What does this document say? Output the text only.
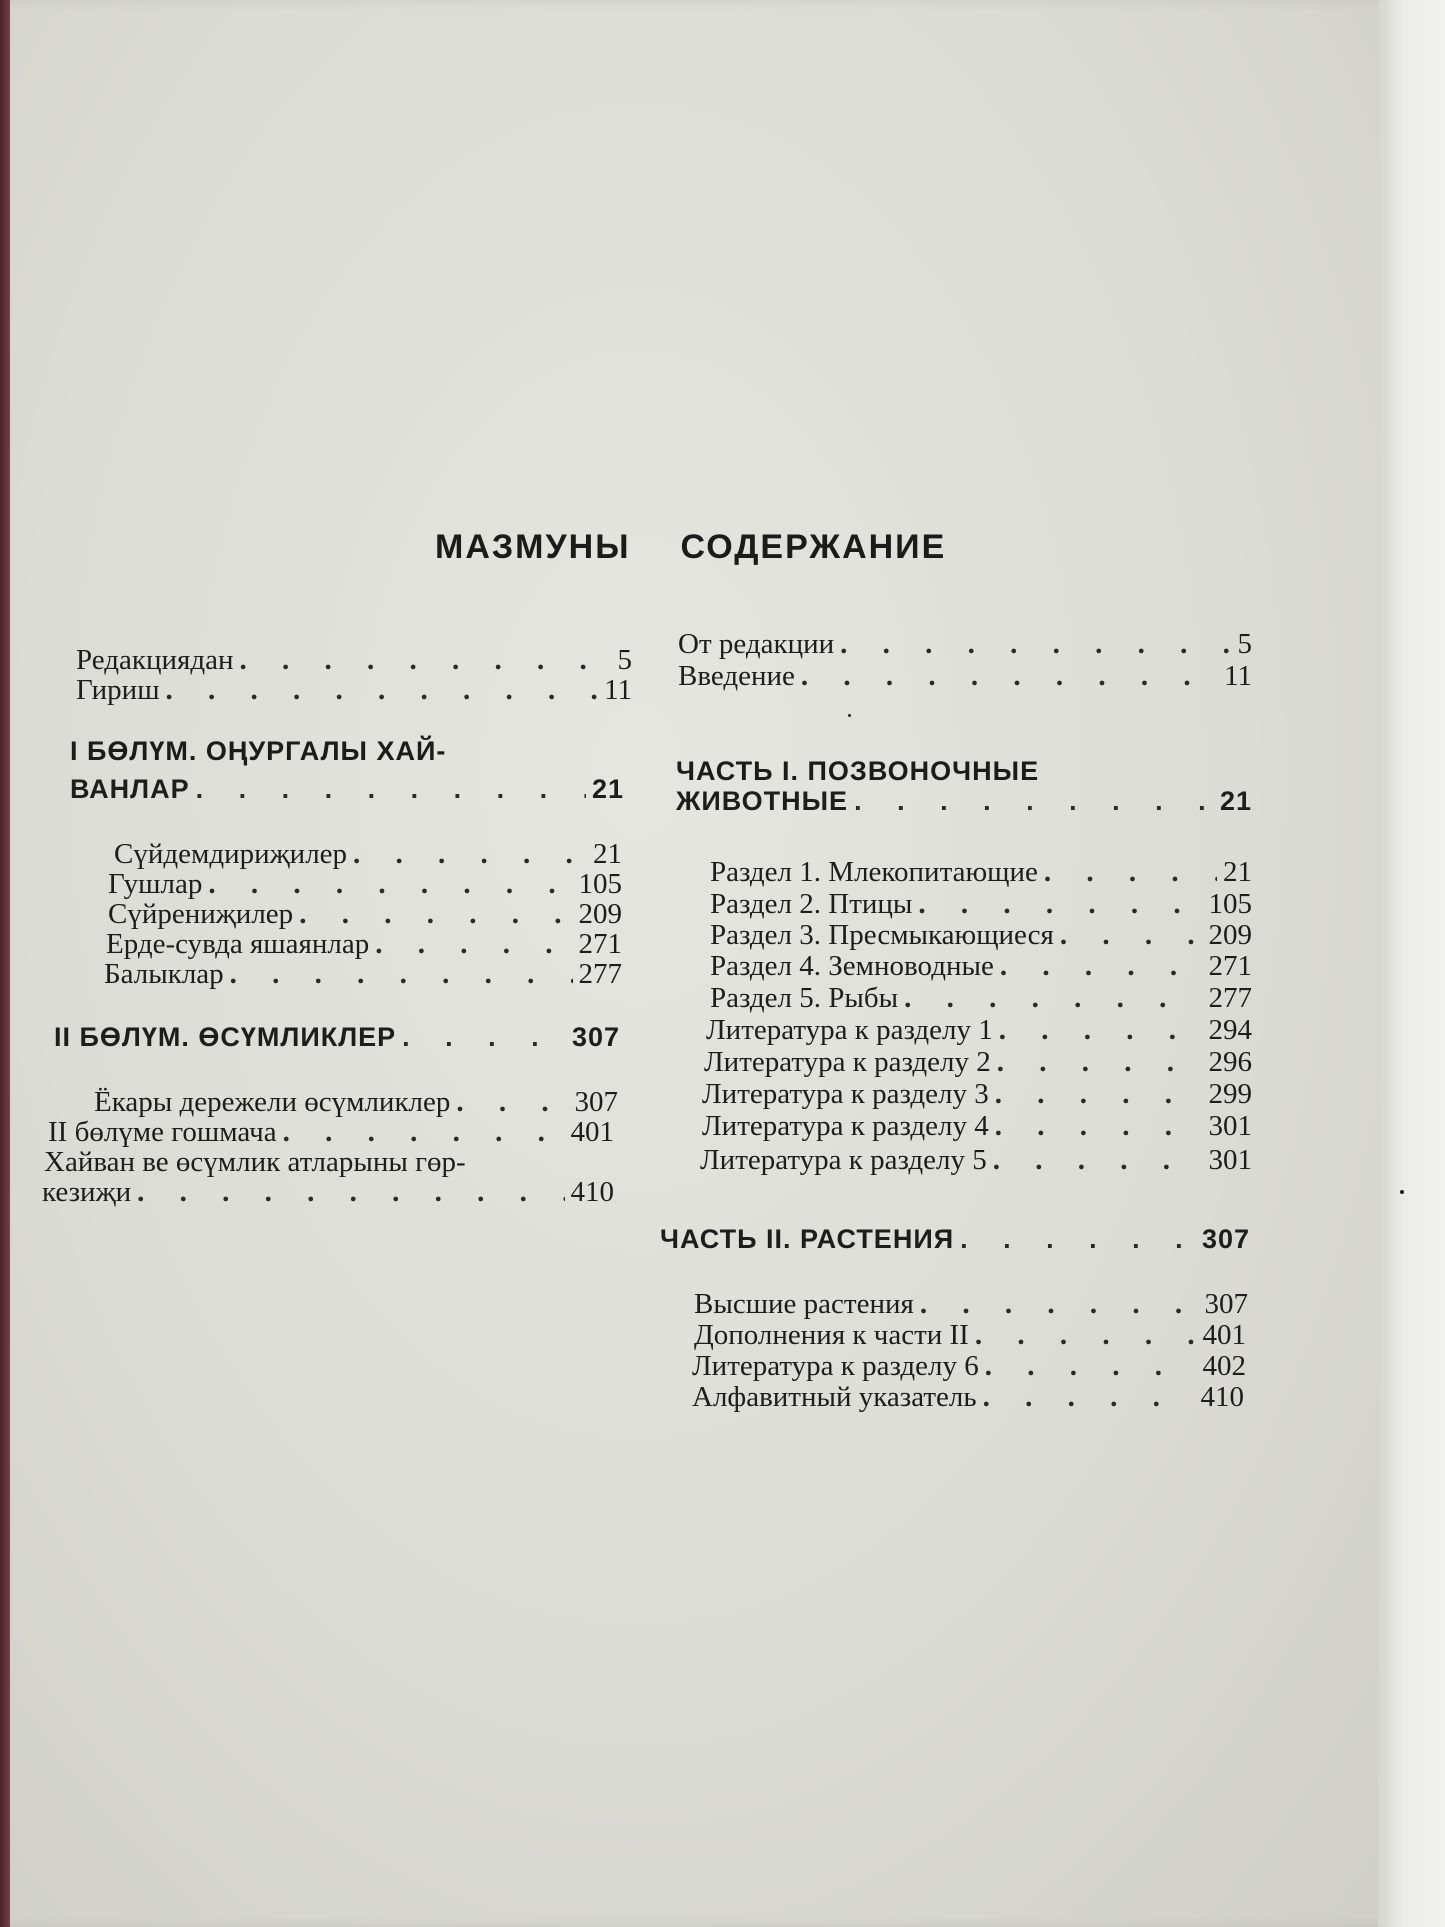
МАЗМУНЫ СОДЕРЖАНИЕ
Редакциядан . . .	5
Гириш . . .	11
I БӨЛҮМ. ОҢУРГАЛЫ ХАЙ-
ВАНЛАР . . .	21
Сүйдемдириҗилер . . .	21
Гушлар . . .	105
Сүйрениҗилер . . .	209
Ерде-сувда яшаянлар . . .	271
Балыклар . . .	277
II БӨЛҮМ. ӨСҮМЛИКЛЕР . . .	307
Ёкары дережели өсүмликлер . . .	307
II бөлүме гошмача . . .	401
Хайван ве өсүмлик атларыны гөр-
кезиҗи . . .	410
От редакции . . .	5
Введение . . .	11
ЧАСТЬ I. ПОЗВОНОЧНЫЕ
ЖИВОТНЫЕ . . .	21
Раздел 1. Млекопитающие . . .	21
Раздел 2. Птицы . . .	105
Раздел 3. Пресмыкающиеся . . .	209
Раздел 4. Земноводные . . .	271
Раздел 5. Рыбы . . .	277
Литература к разделу 1 . . .	294
Литература к разделу 2 . . .	296
Литература к разделу 3 . . .	299
Литература к разделу 4 . . .	301
Литература к разделу 5 . . .	301
ЧАСТЬ II. РАСТЕНИЯ . . .	307
Высшие растения . . .	307
Дополнения к части II . . .	401
Литература к разделу 6 . . .	402
Алфавитный указатель . . .	410
